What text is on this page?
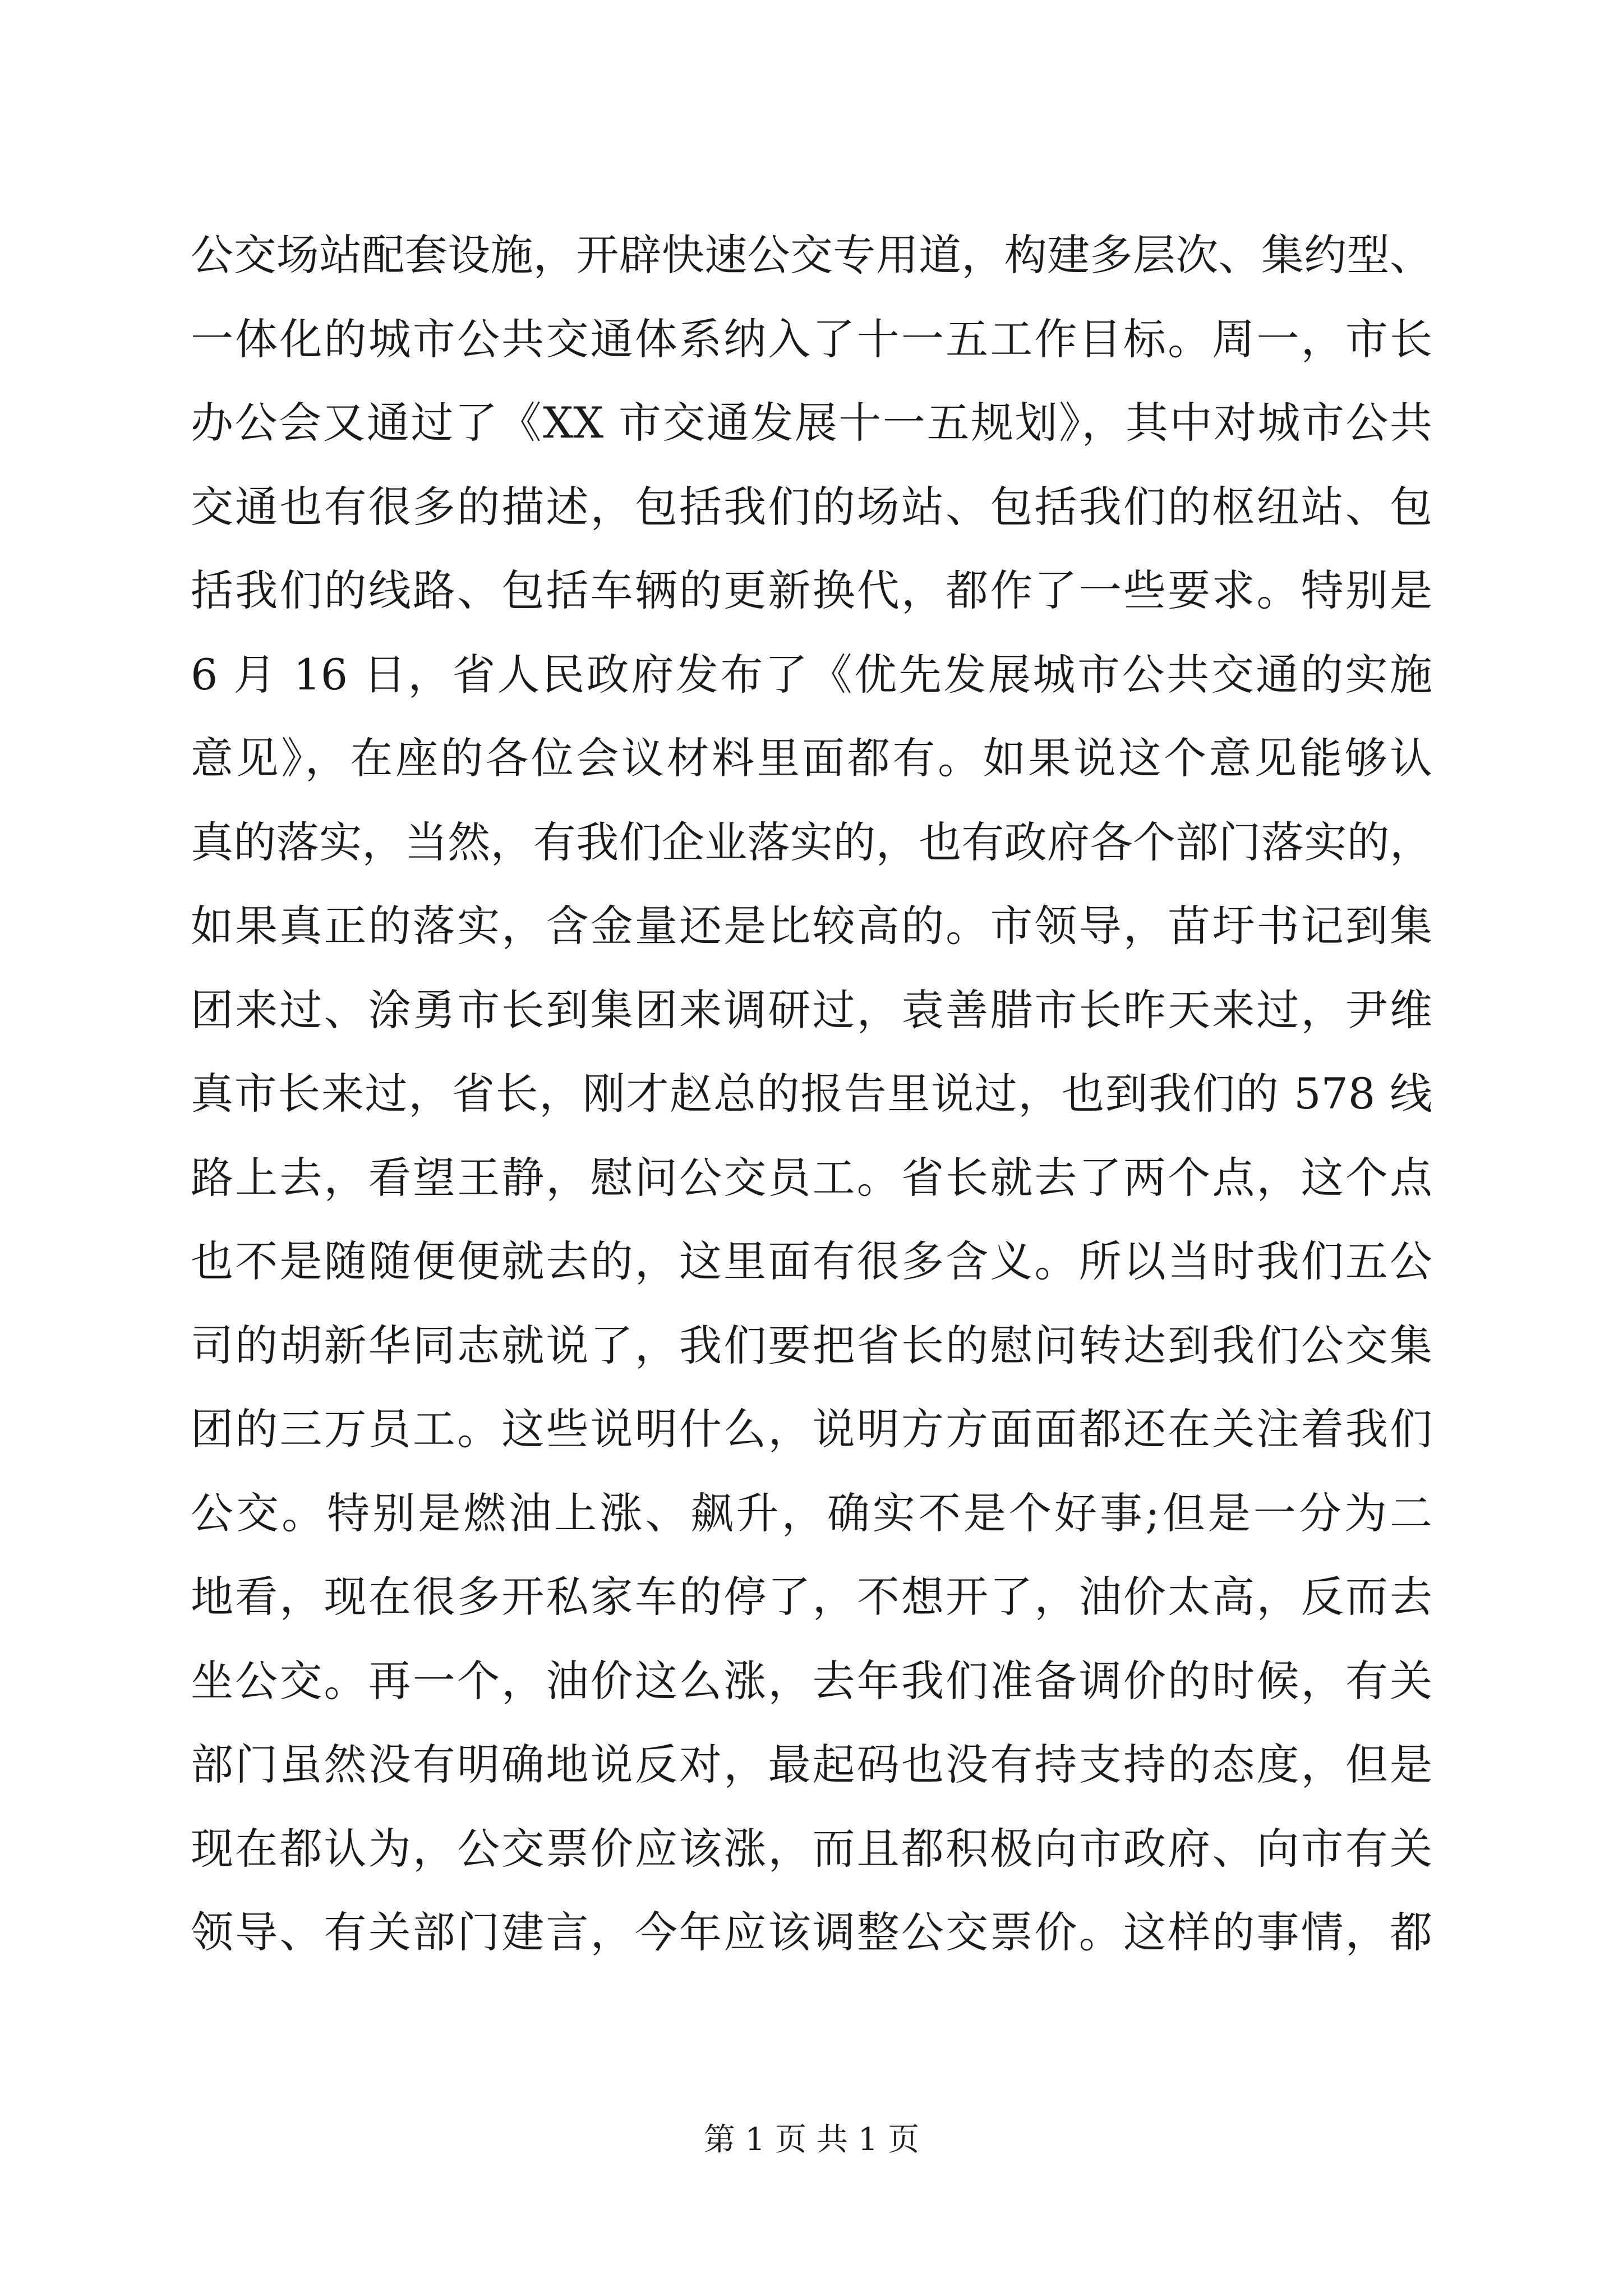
公交场站配套设施，开辟快速公交专用道，构建多层次、集约型、
一体化的城市公共交通体系纳入了十一五工作目标。周一，市长
办公会又通过了《XX 市交通发展十一五规划》，其中对城市公共
交通也有很多的描述，包括我们的场站、包括我们的枢纽站、包
括我们的线路、包括车辆的更新换代，都作了一些要求。特别是
6 月 16 日，省人民政府发布了《优先发展城市公共交通的实施
意见》，在座的各位会议材料里面都有。如果说这个意见能够认
真的落实，当然，有我们企业落实的，也有政府各个部门落实的，
如果真正的落实，含金量还是比较高的。市领导，苗圩书记到集
团来过、涂勇市长到集团来调研过，袁善腊市长昨天来过，尹维
真市长来过，省长，刚才赵总的报告里说过，也到我们的 578 线
路上去，看望王静，慰问公交员工。省长就去了两个点，这个点
也不是随随便便就去的，这里面有很多含义。所以当时我们五公
司的胡新华同志就说了，我们要把省长的慰问转达到我们公交集
团的三万员工。这些说明什么，说明方方面面都还在关注着我们
公交。特别是燃油上涨、飙升，确实不是个好事;但是一分为二
地看，现在很多开私家车的停了，不想开了，油价太高，反而去
坐公交。再一个，油价这么涨，去年我们准备调价的时候，有关
部门虽然没有明确地说反对，最起码也没有持支持的态度，但是
现在都认为，公交票价应该涨，而且都积极向市政府、向市有关
领导、有关部门建言，今年应该调整公交票价。这样的事情，都
第 1 页 共 1 页
